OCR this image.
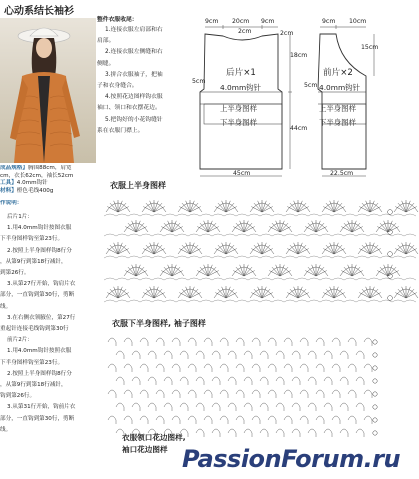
心动系结长袖衫
成品规格】胸围88cm，肩宽
cm，衣长62cm，袖长52cm
工具】4.0mm钩针
材料】橙色毛线400g
作说明：
后片1片：
1.用4.0mm钩针按图衣服
下半身图样钩至第23行。
2.按照上半身图样钩8行分
，从第9行到第18行减针，
到第26行。
3.从第27行开始，钩肩片衣
部分，一直钩到第30行，剪断
线。
3.在右侧衣领腋位，第27行
重起针连接毛线钩到第30行
前片2片：
1.用4.0mm钩针按照衣服
下半身图样钩至第23行。
2.按照上半身图样钩8行分
，从第9行到第18行减针，
钩到第26行。
3.从第31行开始，钩前片衣
部分，一直钩到第30行，剪断
线。
整件衣服收尾：
1.连接衣服左肩部和右
肩部。
2.连接衣服左侧缝和右
侧缝。
3.拼合衣服袖子，把袖
子和衣身缝合。
4.按照花边图样钩衣服
袖口、领口和衣摆花边。
5.把钩好的小花钩缝针
系在衣服门襟上。
9cm 20cm 9cm
2cm	2cm
18cm
5cm
44cm
45cm
后片×1
4.0mm钩针
上半身图样
下半身图样
9cm 10cm
15cm
5cm
22.5cm
前片×2
4.0mm钩针
上半身图样
下半身图样
衣服上半身图样
衣服下半身图样, 袖子图样
衣服领口花边图样,
袖口花边图样 PassionForum.ru
